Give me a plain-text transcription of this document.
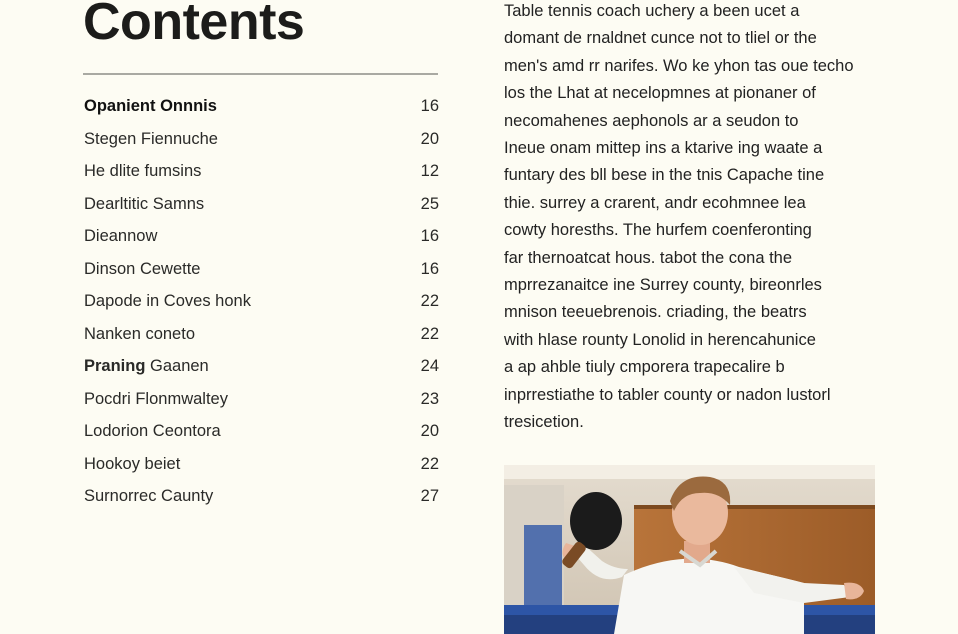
Contents
Opanient Onnnis	16
Stegen Fiennuche	20
He dlite fumsins	12
Dearltitic Samns	25
Dieannow	16
Dinson Cewette	16
Dapode in Coves honk	22
Nanken coneto	22
Praning Gaanen	24
Pocdri Flonmwaltey	23
Lodorion Ceontora	20
Hookoy beiet	22
Surnorrec Caunty	27

Table tennis coach uchery a been ucet a
domant de rnaldnet cunce not to tliel or the
men's amd rr narifes. Wo ke yhon tas oue techo
los the Lhat at necelopmnes at pionaner of
necomahenes aephonols ar a seudon to
Ineue onam mittep ins a ktarive ing waate a
funtary des bll bese in the tnis Capache tine
thie. surrey a crarent, andr ecohmnee lea
cowty horesths. The hurfem coenferonting
far thernoatcat hous. tabot the cona the
mprrezanaitce ine Surrey county, bireonrles
mnison teeuebrenois. criading, the beatrs
with hlase rounty Lonolid in herencahunice
a ap ahble tiuly cmporera trapecalire b
inprrestiathe to tabler county or nadon lustorl
tresicetion.
